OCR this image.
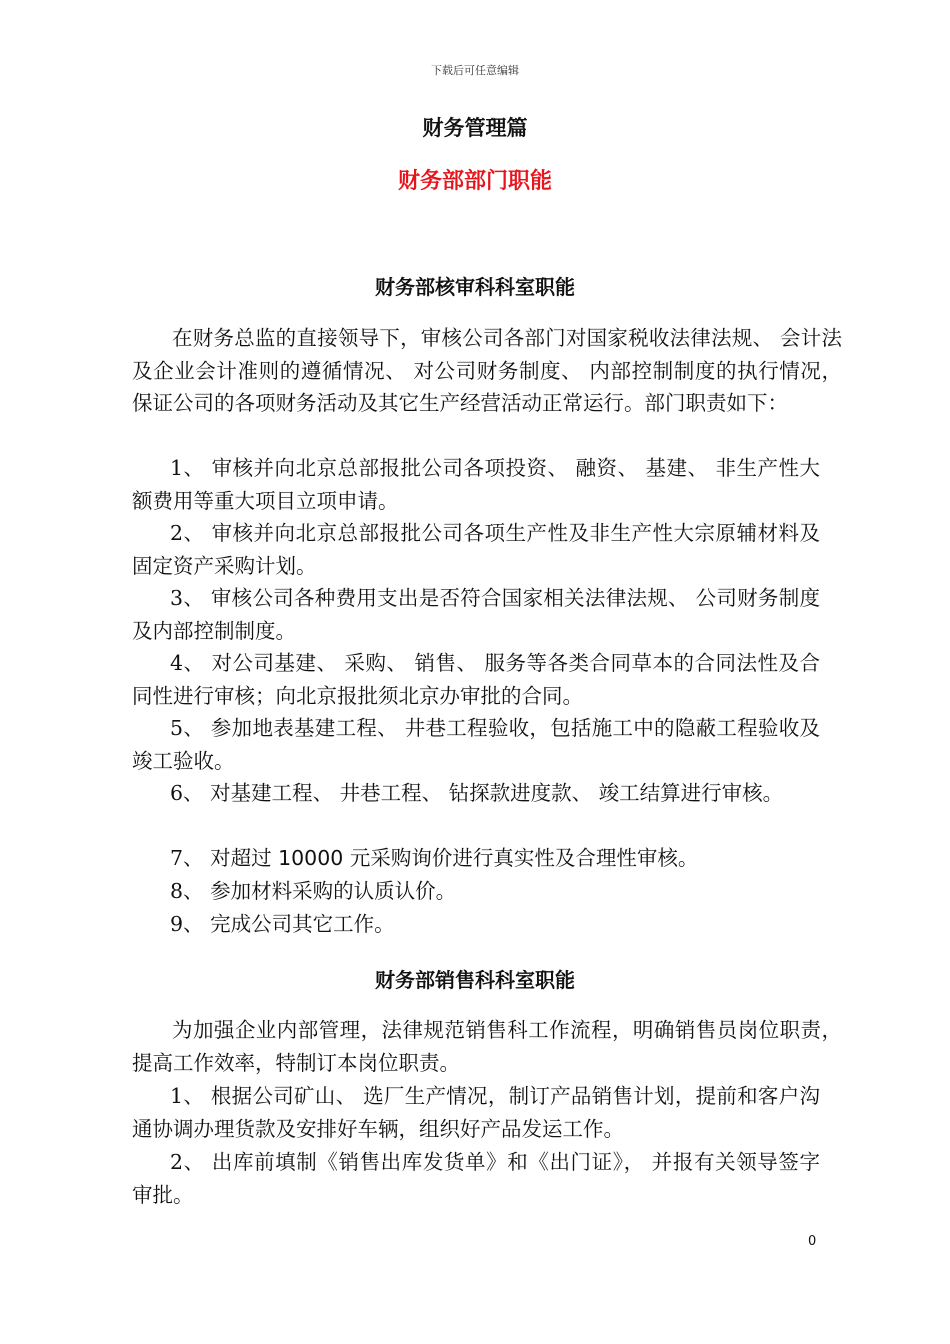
下载后可任意编辑
财务管理篇
财务部部门职能
财务部核审科科室职能
在财务总监的直接领导下，审核公司各部门对国家税收法律法规、 会计法及企业会计准则的遵循情况、 对公司财务制度、 内部控制制度的执行情况，保证公司的各项财务活动及其它生产经营活动正常运行。部门职责如下：
1、 审核并向北京总部报批公司各项投资、 融资、 基建、 非生产性大额费用等重大项目立项申请。
2、 审核并向北京总部报批公司各项生产性及非生产性大宗原辅材料及固定资产采购计划。
3、 审核公司各种费用支出是否符合国家相关法律法规、 公司财务制度及内部控制制度。
4、 对公司基建、 采购、 销售、 服务等各类合同草本的合同法性及合同性进行审核；向北京报批须北京办审批的合同。
5、 参加地表基建工程、 井巷工程验收，包括施工中的隐蔽工程验收及竣工验收。
6、 对基建工程、 井巷工程、 钻探款进度款、 竣工结算进行审核。
7、 对超过 10000 元采购询价进行真实性及合理性审核。
8、 参加材料采购的认质认价。
9、 完成公司其它工作。
财务部销售科科室职能
为加强企业内部管理，法律规范销售科工作流程，明确销售员岗位职责，提高工作效率，特制订本岗位职责。
1、 根据公司矿山、 选厂生产情况，制订产品销售计划，提前和客户沟通协调办理货款及安排好车辆，组织好产品发运工作。
2、 出库前填制《销售出库发货单》和《出门证》， 并报有关领导签字审批。
0
